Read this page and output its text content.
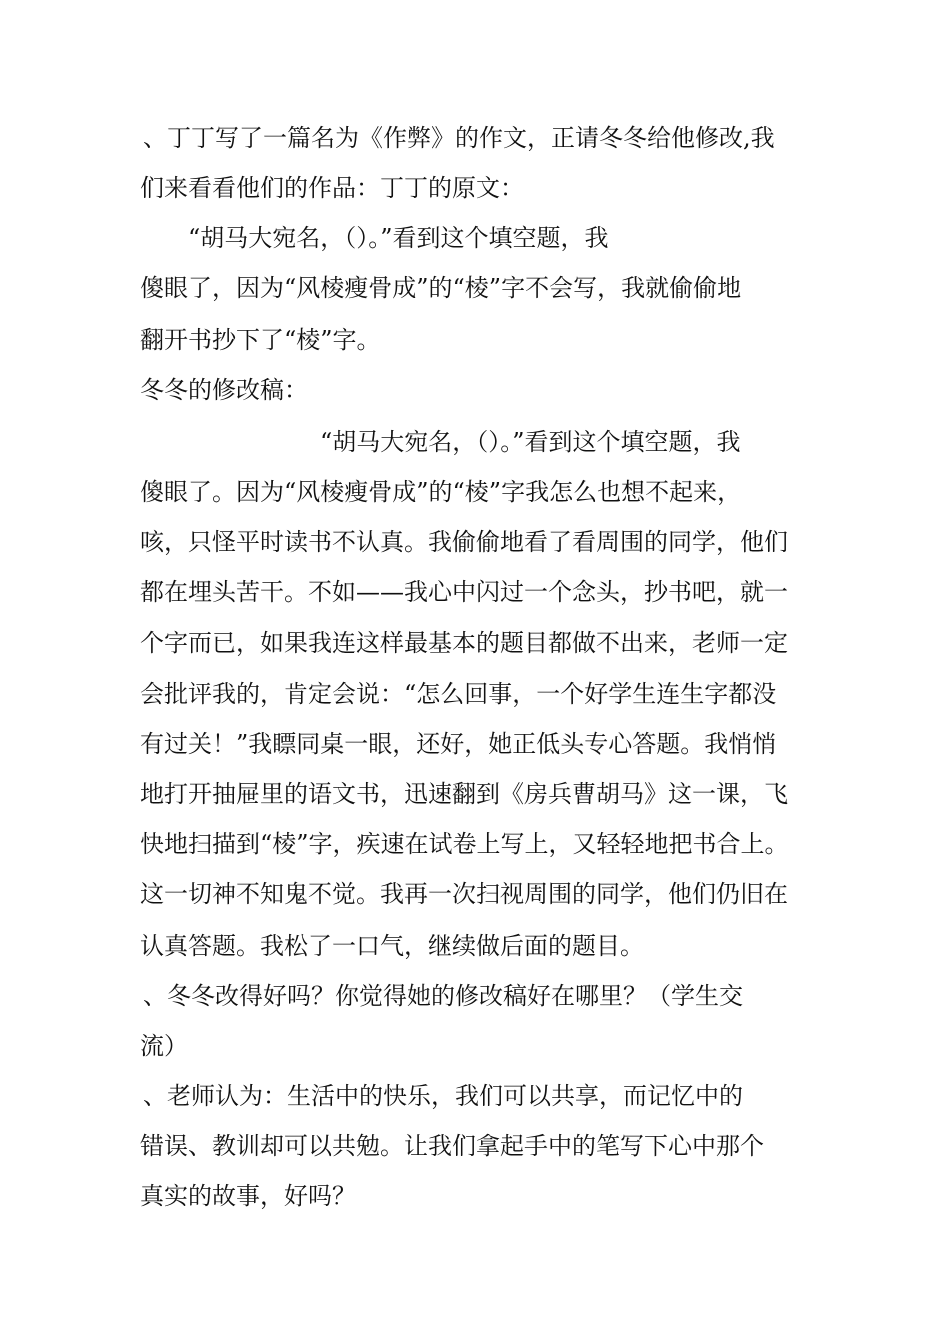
、丁丁写了一篇名为《作弊》的作文，正请冬冬给他修改,我
们来看看他们的作品：丁丁的原文：
“胡马大宛名，（）。”看到这个填空题，我
傻眼了，因为“风棱瘦骨成”的“棱”字不会写，我就偷偷地
翻开书抄下了“棱”字。
冬冬的修改稿：
“胡马大宛名，（）。”看到这个填空题，我
傻眼了。因为“风棱瘦骨成”的“棱”字我怎么也想不起来，
咳，只怪平时读书不认真。我偷偷地看了看周围的同学，他们
都在埋头苦干。不如——我心中闪过一个念头，抄书吧，就一
个字而已，如果我连这样最基本的题目都做不出来，老师一定
会批评我的，肯定会说：“怎么回事，一个好学生连生字都没
有过关！”我瞟同桌一眼，还好，她正低头专心答题。我悄悄
地打开抽屉里的语文书，迅速翻到《房兵曹胡马》这一课，飞
快地扫描到“棱”字，疾速在试卷上写上，又轻轻地把书合上。
这一切神不知鬼不觉。我再一次扫视周围的同学，他们仍旧在
认真答题。我松了一口气，继续做后面的题目。
、冬冬改得好吗？你觉得她的修改稿好在哪里？（学生交
流）
、老师认为：生活中的快乐，我们可以共享，而记忆中的
错误、教训却可以共勉。让我们拿起手中的笔写下心中那个
真实的故事，好吗？
